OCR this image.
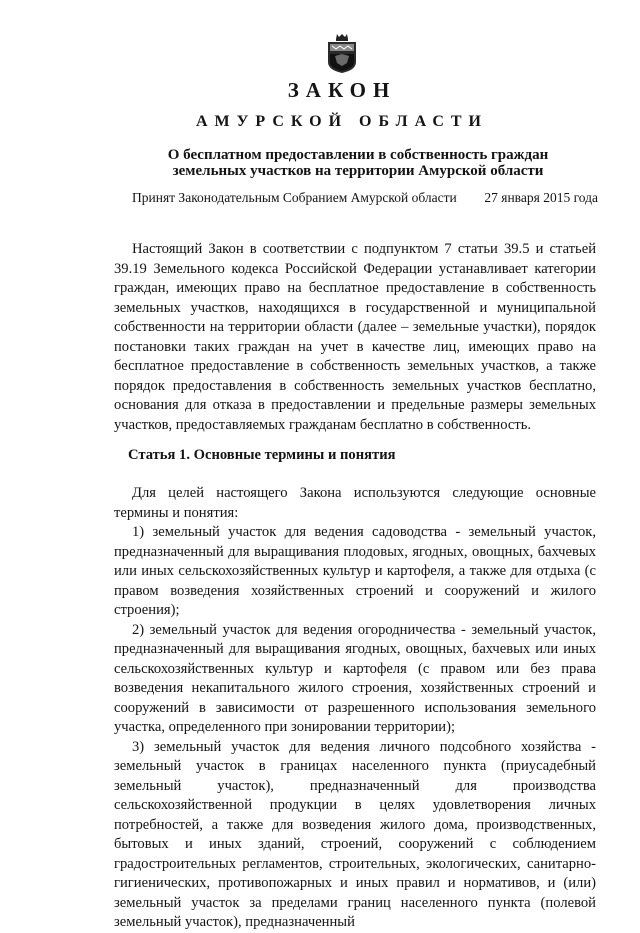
ЗАКОН
АМУРСКОЙ ОБЛАСТИ
О бесплатном предоставлении в собственность граждан земельных участков на территории Амурской области
Принят Законодательным Собранием Амурской области 27 января 2015 года

Настоящий Закон в соответствии с подпунктом 7 статьи 39.5 и статьей 39.19 Земельного кодекса Российской Федерации устанавливает категории граждан, имеющих право на бесплатное предоставление в собственность земельных участков, находящихся в государственной и муниципальной собственности на территории области (далее – земельные участки), порядок постановки таких граждан на учет в качестве лиц, имеющих право на бесплатное предоставление в собственность земельных участков, а также порядок предоставления в собственность земельных участков бесплатно, основания для отказа в предоставлении и предельные размеры земельных участков, предоставляемых гражданам бесплатно в собственность.

Статья 1. Основные термины и понятия

Для целей настоящего Закона используются следующие основные термины и понятия:

1) земельный участок для ведения садоводства - земельный участок, предназначенный для выращивания плодовых, ягодных, овощных, бахчевых или иных сельскохозяйственных культур и картофеля, а также для отдыха (с правом возведения хозяйственных строений и сооружений и жилого строения);

2) земельный участок для ведения огородничества - земельный участок, предназначенный для выращивания ягодных, овощных, бахчевых или иных сельскохозяйственных культур и картофеля (с правом или без права возведения некапитального жилого строения, хозяйственных строений и сооружений в зависимости от разрешенного использования земельного участка, определенного при зонировании территории);

3) земельный участок для ведения личного подсобного хозяйства - земельный участок в границах населенного пункта (приусадебный земельный участок), предназначенный для производства сельскохозяйственной продукции в целях удовлетворения личных потребностей, а также для возведения жилого дома, производственных, бытовых и иных зданий, строений, сооружений с соблюдением градостроительных регламентов, строительных, экологических, санитарно-гигиенических, противопожарных и иных правил и нормативов, и (или) земельный участок за пределами границ населенного пункта (полевой земельный участок), предназначенный
